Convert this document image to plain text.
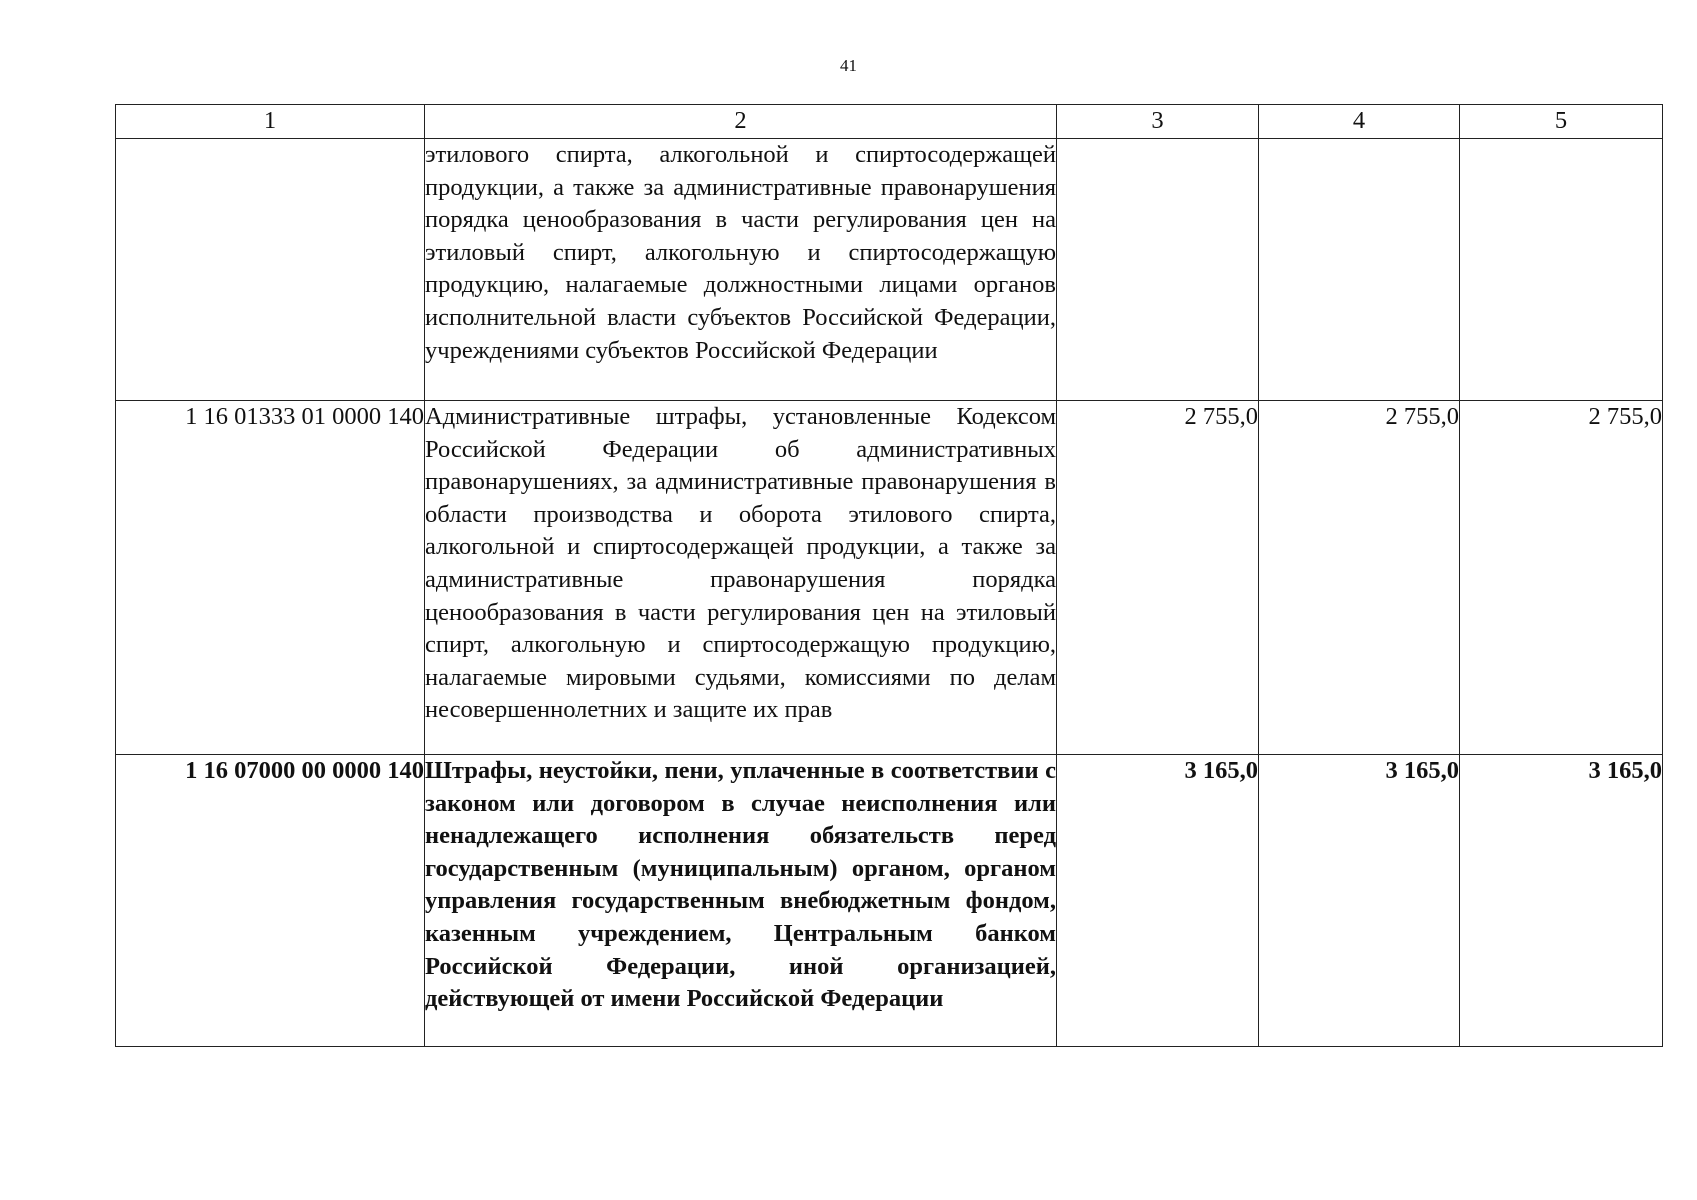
41
1	2	3	4	5
	этилового спирта, алкогольной и спиртосодержащей продукции, а также за административные правонарушения порядка ценообразования в части регулирования цен на этиловый спирт, алкогольную и спиртосодержащую продукцию, налагаемые должностными лицами органов исполнительной власти субъектов Российской Федерации, учреждениями субъектов Российской Федерации			
1 16 01333 01 0000 140	Административные штрафы, установленные Кодексом Российской Федерации об административных правонарушениях, за административные правонарушения в области производства и оборота этилового спирта, алкогольной и спиртосодержащей продукции, а также за административные правонарушения порядка ценообразования в части регулирования цен на этиловый спирт, алкогольную и спиртосодержащую продукцию, налагаемые мировыми судьями, комиссиями по делам несовершеннолетних и защите их прав	2 755,0	2 755,0	2 755,0
1 16 07000 00 0000 140	Штрафы, неустойки, пени, уплаченные в соответствии с законом или договором в случае неисполнения или ненадлежащего исполнения обязательств перед государственным (муниципальным) органом, органом управления государственным внебюджетным фондом, казенным учреждением, Центральным банком Российской Федерации, иной организацией, действующей от имени Российской Федерации	3 165,0	3 165,0	3 165,0
